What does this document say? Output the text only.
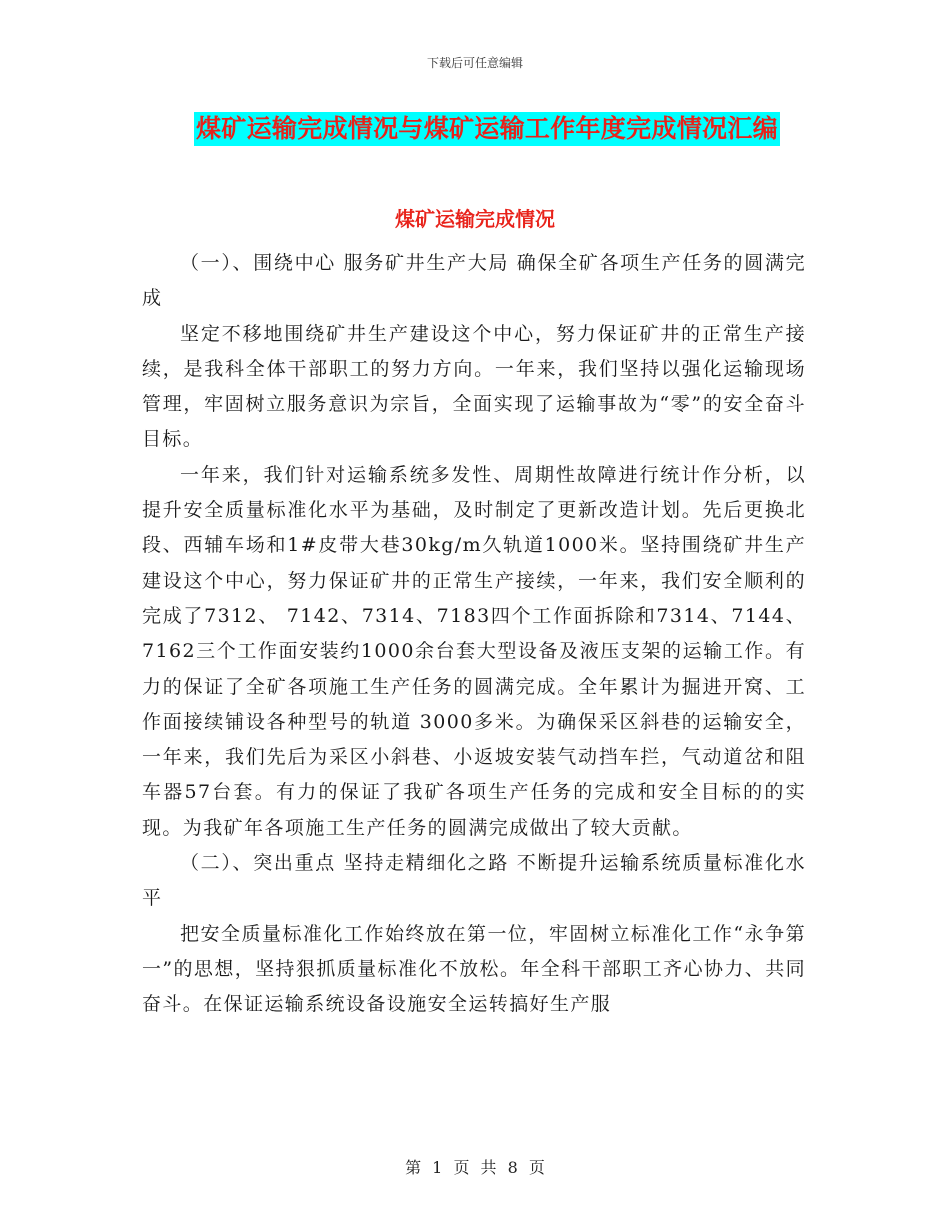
下载后可任意编辑
煤矿运输完成情况与煤矿运输工作年度完成情况汇编
煤矿运输完成情况

（一）、围绕中心 服务矿井生产大局 确保全矿各项生产任务的圆满完成

坚定不移地围绕矿井生产建设这个中心，努力保证矿井的正常生产接续，是我科全体干部职工的努力方向。一年来，我们坚持以强化运输现场管理，牢固树立服务意识为宗旨，全面实现了运输事故为“零”的安全奋斗目标。

一年来，我们针对运输系统多发性、周期性故障进行统计作分析，以提升安全质量标准化水平为基础，及时制定了更新改造计划。先后更换北段、西辅车场和1#皮带大巷30kg/m久轨道1000米。坚持围绕矿井生产建设这个中心，努力保证矿井的正常生产接续，一年来，我们安全顺利的完成了7312、 7142、7314、7183四个工作面拆除和7314、7144、7162三个工作面安装约1000余台套大型设备及液压支架的运输工作。有力的保证了全矿各项施工生产任务的圆满完成。全年累计为掘进开窝、工作面接续铺设各种型号的轨道 3000多米。为确保采区斜巷的运输安全，一年来，我们先后为采区小斜巷、小返坡安装气动挡车拦，气动道岔和阻车器57台套。有力的保证了我矿各项生产任务的完成和安全目标的的实现。为我矿年各项施工生产任务的圆满完成做出了较大贡献。

（二）、突出重点 坚持走精细化之路 不断提升运输系统质量标准化水平

把安全质量标准化工作始终放在第一位，牢固树立标准化工作“永争第一”的思想，坚持狠抓质量标准化不放松。年全科干部职工齐心协力、共同奋斗。在保证运输系统设备设施安全运转搞好生产服

第 1 页 共 8 页
